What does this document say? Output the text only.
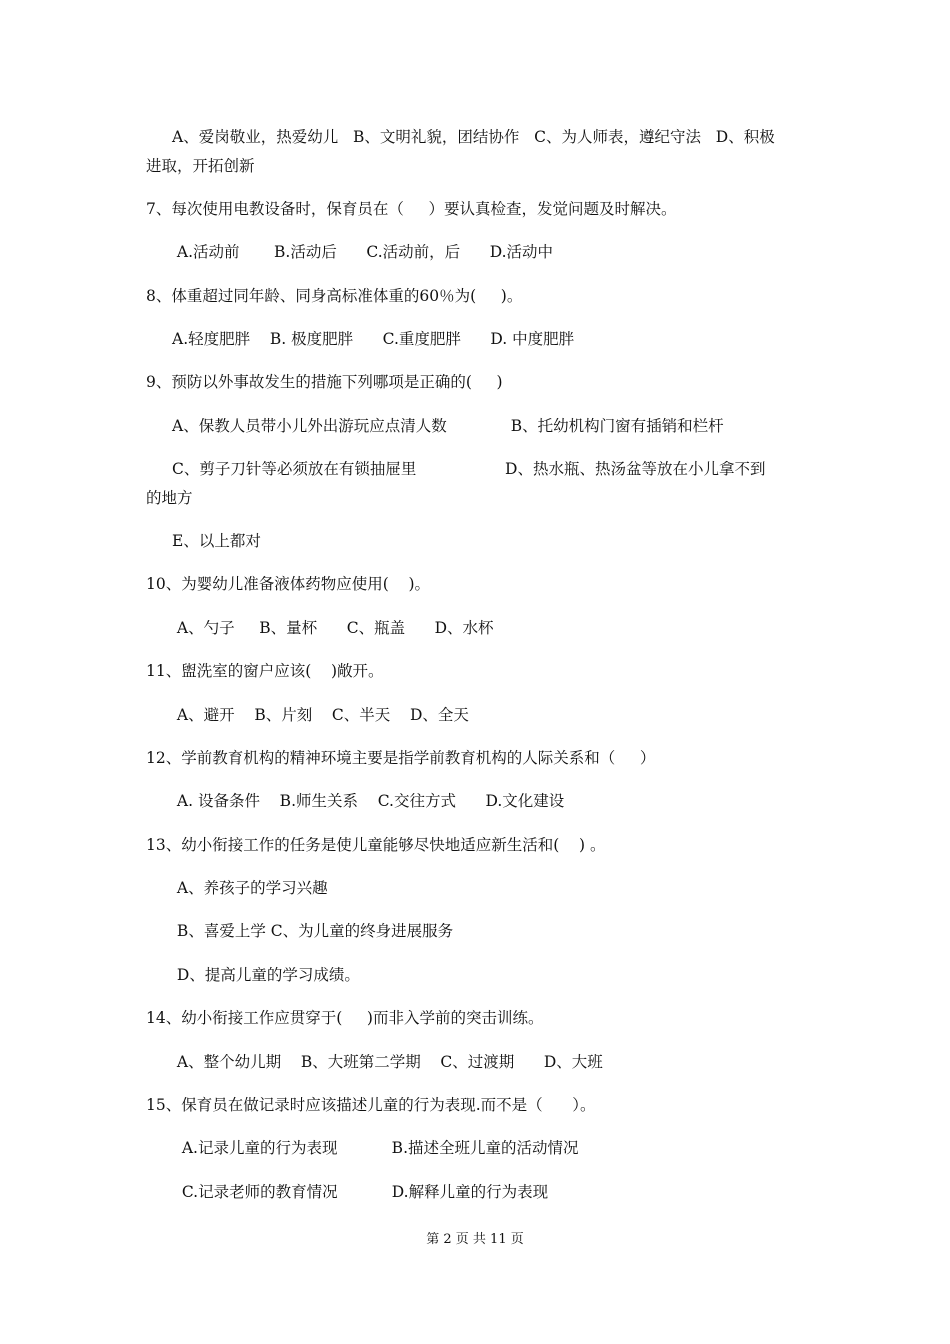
A、爱岗敬业，热爱幼儿   B、文明礼貌，团结协作   C、为人师表，遵纪守法   D、积极
进取，开拓创新
7、每次使用电教设备时，保育员在（     ）要认真检查，发觉问题及时解决。
A.活动前       B.活动后      C.活动前，后      D.活动中
8、体重超过同年龄、同身高标准体重的60％为(     )。
A.轻度肥胖    B. 极度肥胖      C.重度肥胖      D. 中度肥胖
9、预防以外事故发生的措施下列哪项是正确的(     )
A、保教人员带小儿外出游玩应点清人数             B、托幼机构门窗有插销和栏杆
C、剪子刀针等必须放在有锁抽屉里                  D、热水瓶、热汤盆等放在小儿拿不到
的地方
E、以上都对
10、为婴幼儿准备液体药物应使用(    )。
A、勺子     B、量杯      C、瓶盖      D、水杯
11、盥洗室的窗户应该(    )敞开。
A、避开    B、片刻    C、半天    D、全天
12、学前教育机构的精神环境主要是指学前教育机构的人际关系和（     ）
A. 设备条件    B.师生关系    C.交往方式      D.文化建设
13、幼小衔接工作的任务是使儿童能够尽快地适应新生活和(    ) 。
A、养孩子的学习兴趣
B、喜爱上学 C、为儿童的终身进展服务
D、提高儿童的学习成绩。
14、幼小衔接工作应贯穿于(     )而非入学前的突击训练。
A、整个幼儿期    B、大班第二学期    C、过渡期      D、大班
15、保育员在做记录时应该描述儿童的行为表现.而不是（      ）。
A.记录儿童的行为表现           B.描述全班儿童的活动情况
C.记录老师的教育情况           D.解释儿童的行为表现
第 2 页 共 11 页
